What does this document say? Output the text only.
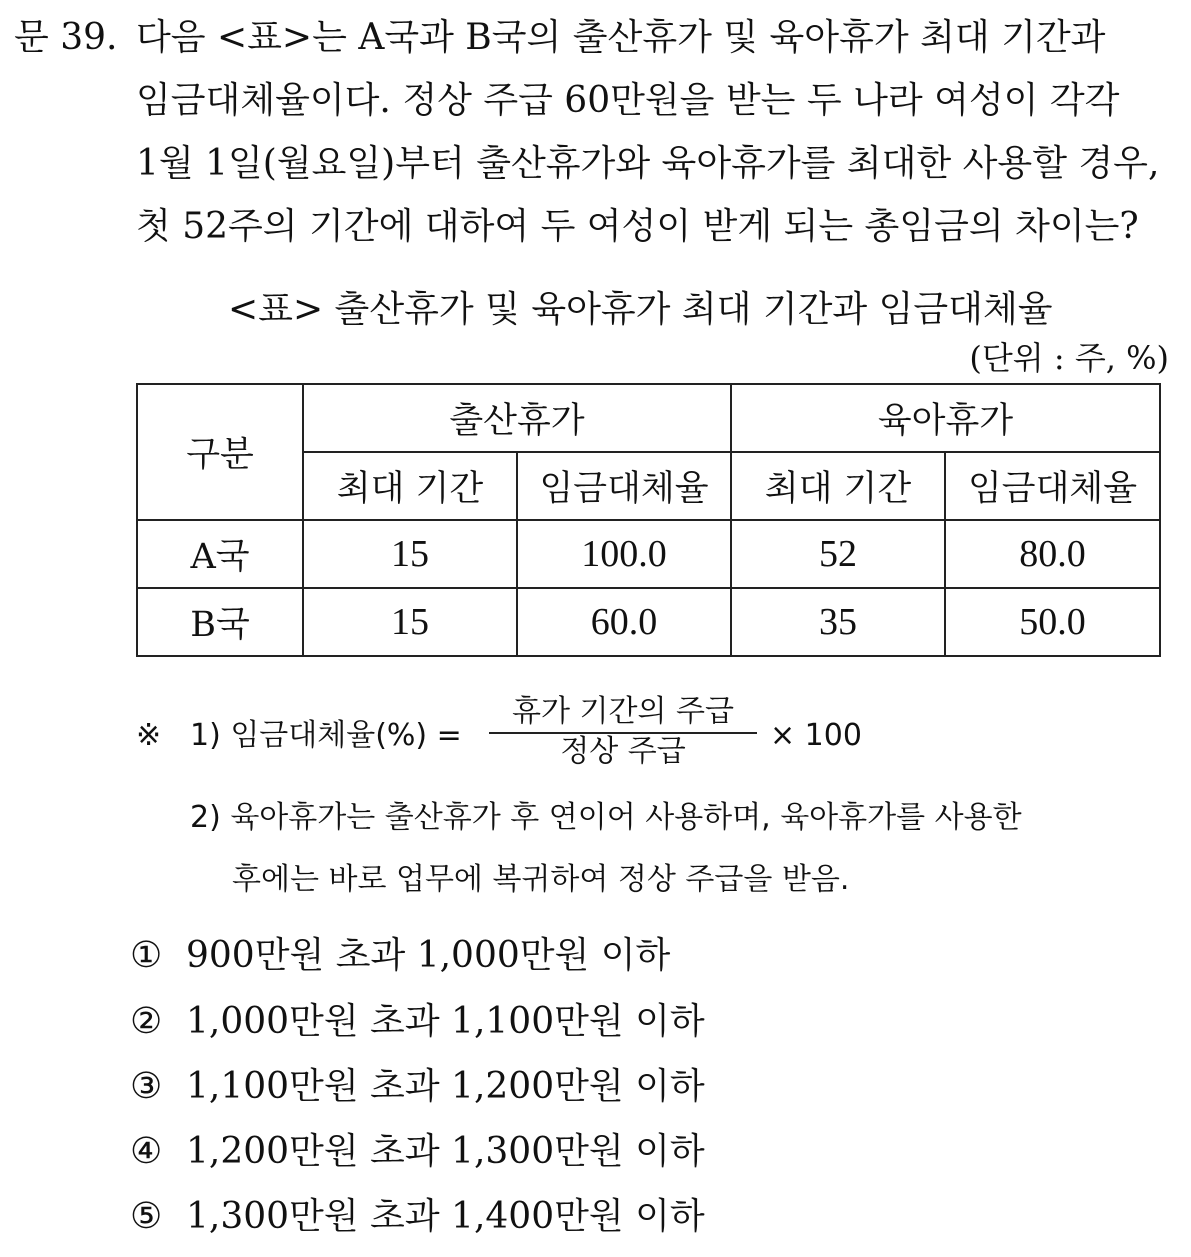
문 39. 다음 <표>는 A국과 B국의 출산휴가 및 육아휴가 최대 기간과
임금대체율이다. 정상 주급 60만원을 받는 두 나라 여성이 각각
1월 1일(월요일)부터 출산휴가와 육아휴가를 최대한 사용할 경우,
첫 52주의 기간에 대하여 두 여성이 받게 되는 총임금의 차이는?
<표> 출산휴가 및 육아휴가 최대 기간과 임금대체율
(단위 : 주, %)
구분	출산휴가		육아휴가	
	최대 기간	임금대체율	최대 기간	임금대체율
A국	15	100.0	52	80.0
B국	15	60.0	35	50.0
※ 1) 임금대체율(%) =
휴가 기간의 주급
정상 주급	× 100
2) 육아휴가는 출산휴가 후 연이어 사용하며, 육아휴가를 사용한
후에는 바로 업무에 복귀하여 정상 주급을 받음.
① 900만원 초과 1,000만원 이하
② 1,000만원 초과 1,100만원 이하
③ 1,100만원 초과 1,200만원 이하
④ 1,200만원 초과 1,300만원 이하
⑤ 1,300만원 초과 1,400만원 이하
